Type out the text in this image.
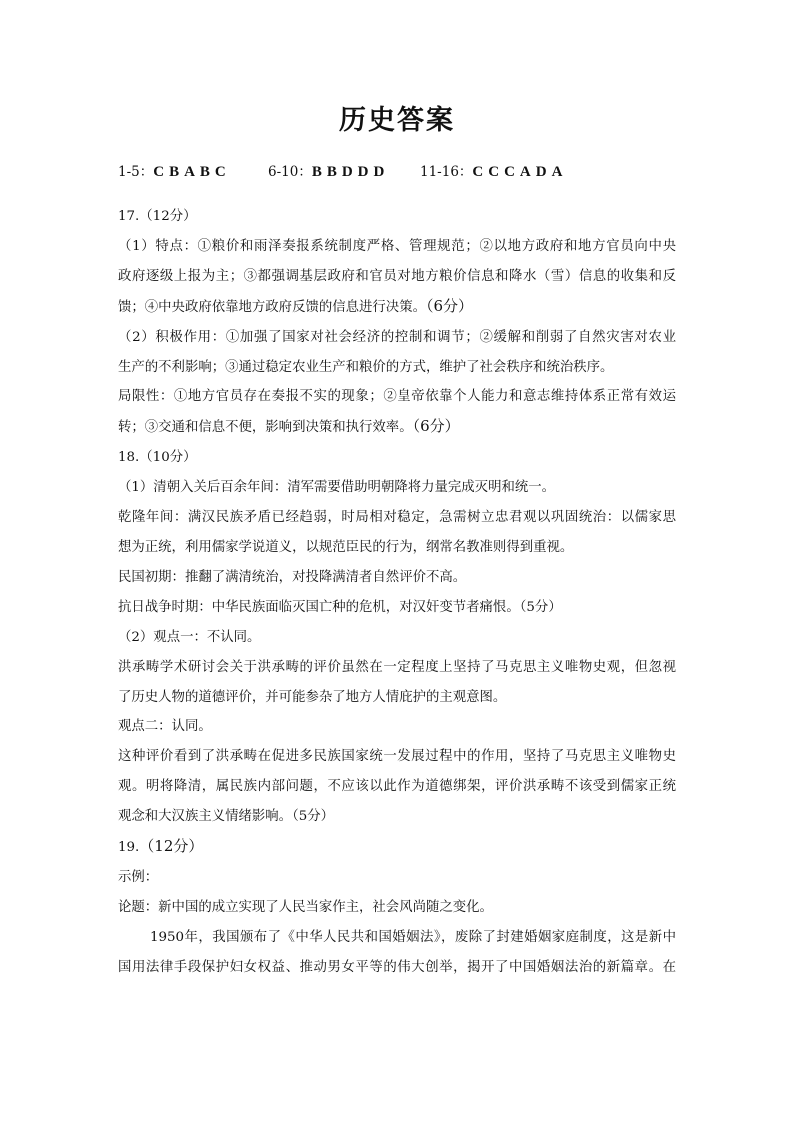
历史答案
1-5：CBABC	6-10：BBDDD 11-16：CCCADA

17.（12分）

（1）特点：①粮价和雨泽奏报系统制度严格、管理规范；②以地方政府和地方官员向中央

政府逐级上报为主；③都强调基层政府和官员对地方粮价信息和降水（雪）信息的收集和反

馈；④中央政府依靠地方政府反馈的信息进行决策。（6分）

（2）积极作用：①加强了国家对社会经济的控制和调节；②缓解和削弱了自然灾害对农业

生产的不利影响；③通过稳定农业生产和粮价的方式，维护了社会秩序和统治秩序。

局限性：①地方官员存在奏报不实的现象；②皇帝依靠个人能力和意志维持体系正常有效运

转；③交通和信息不便，影响到决策和执行效率。（6分）

18.（10分）

（1）清朝入关后百余年间：清军需要借助明朝降将力量完成灭明和统一。

乾隆年间：满汉民族矛盾已经趋弱，时局相对稳定，急需树立忠君观以巩固统治：以儒家思

想为正统，利用儒家学说道义，以规范臣民的行为，纲常名教准则得到重视。

民国初期：推翻了满清统治，对投降满清者自然评价不高。

抗日战争时期：中华民族面临灭国亡种的危机，对汉奸变节者痛恨。（5分）

（2）观点一：不认同。

洪承畴学术研讨会关于洪承畴的评价虽然在一定程度上坚持了马克思主义唯物史观，但忽视

了历史人物的道德评价，并可能参杂了地方人情庇护的主观意图。

观点二：认同。

这种评价看到了洪承畴在促进多民族国家统一发展过程中的作用，坚持了马克思主义唯物史

观。明将降清，属民族内部问题，不应该以此作为道德绑架，评价洪承畴不该受到儒家正统

观念和大汉族主义情绪影响。（5分）

19.（12分）

示例：

论题：新中国的成立实现了人民当家作主，社会风尚随之变化。

1950年，我国颁布了《中华人民共和国婚姻法》，废除了封建婚姻家庭制度，这是新中

国用法律手段保护妇女权益、推动男女平等的伟大创举，揭开了中国婚姻法治的新篇章。在
